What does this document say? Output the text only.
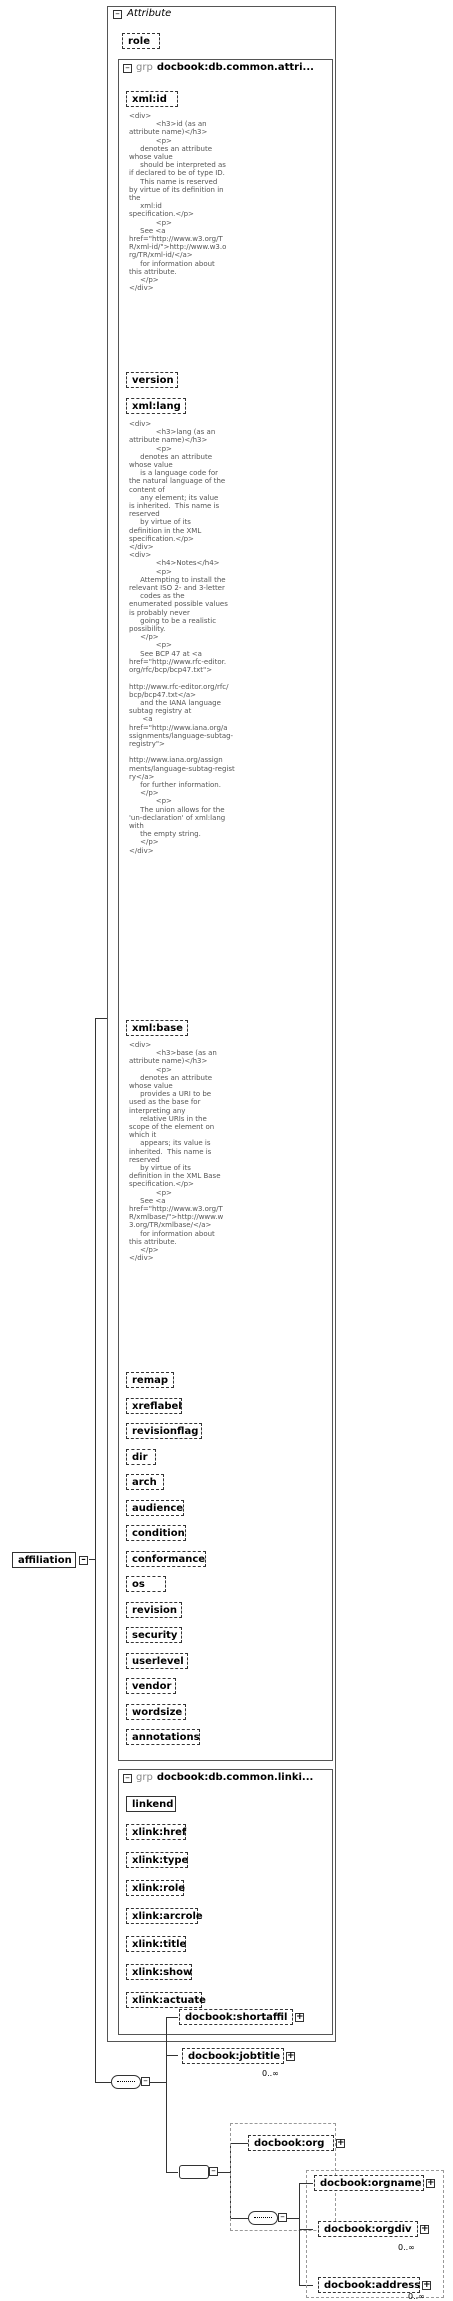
affiliation –
– Attribute
role
– grp docbook:db.common.attri...
xml:id
<div>
<h3>id (as an
attribute name)</h3>
<p>
denotes an attribute
whose value
should be interpreted as
if declared to be of type ID.
This name is reserved
by virtue of its definition in
the
xml:id
specification.</p>
<p>
See <a
href="http://www.w3.org/T
R/xml-id/">http://www.w3.o
rg/TR/xml-id/</a>
for information about
this attribute.
</p>
</div>
version
xml:lang
<div>
<h3>lang (as an
attribute name)</h3>
<p>
denotes an attribute
whose value
is a language code for
the natural language of the
content of
any element; its value
is inherited.  This name is
reserved
by virtue of its
definition in the XML
specification.</p>
</div>
<div>
<h4>Notes</h4>
<p>
Attempting to install the
relevant ISO 2- and 3-letter
codes as the
enumerated possible values
is probably never
going to be a realistic
possibility.
</p>
<p>
See BCP 47 at <a
href="http://www.rfc-editor.
org/rfc/bcp/bcp47.txt">

http://www.rfc-editor.org/rfc/
bcp/bcp47.txt</a>
and the IANA language
subtag registry at
<a
href="http://www.iana.org/a
ssignments/language-subtag-
registry">

http://www.iana.org/assign
ments/language-subtag-regist
ry</a>
for further information.
</p>
<p>
The union allows for the
'un-declaration' of xml:lang
with
the empty string.
</p>
</div>
xml:base
<div>
<h3>base (as an
attribute name)</h3>
<p>
denotes an attribute
whose value
provides a URI to be
used as the base for
interpreting any
relative URIs in the
scope of the element on
which it
appears; its value is
inherited.  This name is
reserved
by virtue of its
definition in the XML Base
specification.</p>
<p>
See <a
href="http://www.w3.org/T
R/xmlbase/">http://www.w
3.org/TR/xmlbase/</a>
for information about
this attribute.
</p>
</div>
remap
xreflabel
revisionflag
dir
arch
audience
condition
conformance
os
revision
security
userlevel
vendor
wordsize
annotations
– grp docbook:db.common.linki...
linkend
xlink:href
xlink:type
xlink:role
xlink:arcrole
xlink:title
xlink:show
xlink:actuate
–
docbook:shortaffil +
docbook:jobtitle +
0..∞
–
docbook:org +
–
docbook:orgname +
docbook:orgdiv +
0..∞
docbook:address +
0..∞
